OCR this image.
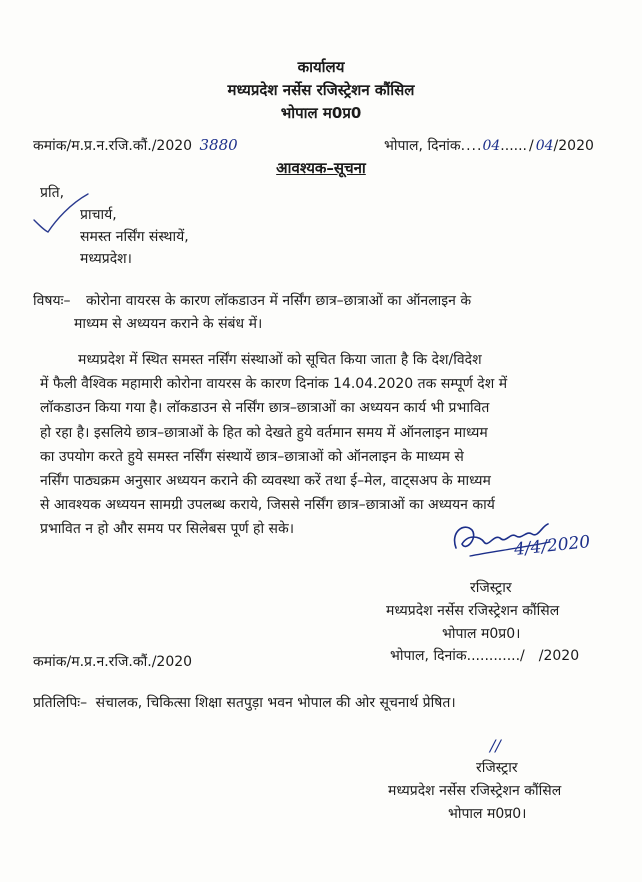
कार्यालय
मध्यप्रदेश नर्सेस रजिस्ट्रेशन कौंसिल
भोपाल म0प्र0
कमांक/म.प्र.न.रजि.कौं./2020 3880	भोपाल, दिनांक....04...... / 04/2020
आवश्यक–सूचना
प्रति,
प्राचार्य,
समस्त नर्सिंग संस्थायें,
मध्यप्रदेश।
विषयः– कोरोना वायरस के कारण लॉकडाउन में नर्सिंग छात्र–छात्राओं का ऑनलाइन के
माध्यम से अध्ययन कराने के संबंध में।
मध्यप्रदेश में स्थित समस्त नर्सिंग संस्थाओं को सूचित किया जाता है कि देश/विदेश
में फैली वैश्विक महामारी कोरोना वायरस के कारण दिनांक 14.04.2020 तक सम्पूर्ण देश में
लॉकडाउन किया गया है। लॉकडाउन से नर्सिंग छात्र–छात्राओं का अध्ययन कार्य भी प्रभावित
हो रहा है। इसलिये छात्र–छात्राओं के हित को देखते हुये वर्तमान समय में ऑनलाइन माध्यम
का उपयोग करते हुये समस्त नर्सिंग संस्थायें छात्र–छात्राओं को ऑनलाइन के माध्यम से
नर्सिंग पाठ्यक्रम अनुसार अध्ययन कराने की व्यवस्था करें तथा ई–मेल, वाट्सअप के माध्यम
से आवश्यक अध्ययन सामग्री उपलब्ध कराये, जिससे नर्सिंग छात्र–छात्राओं का अध्ययन कार्य
प्रभावित न हो और समय पर सिलेबस पूर्ण हो सके।
4/4/2020
रजिस्ट्रार
मध्यप्रदेश नर्सेस रजिस्ट्रेशन कौंसिल
भोपाल म0प्र0।
कमांक/म.प्र.न.रजि.कौं./2020	भोपाल, दिनांक............/ /2020
प्रतिलिपिः– संचालक, चिकित्सा शिक्षा सतपुड़ा भवन भोपाल की ओर सूचनार्थ प्रेषित।
//
रजिस्ट्रार
मध्यप्रदेश नर्सेस रजिस्ट्रेशन कौंसिल
भोपाल म0प्र0।
